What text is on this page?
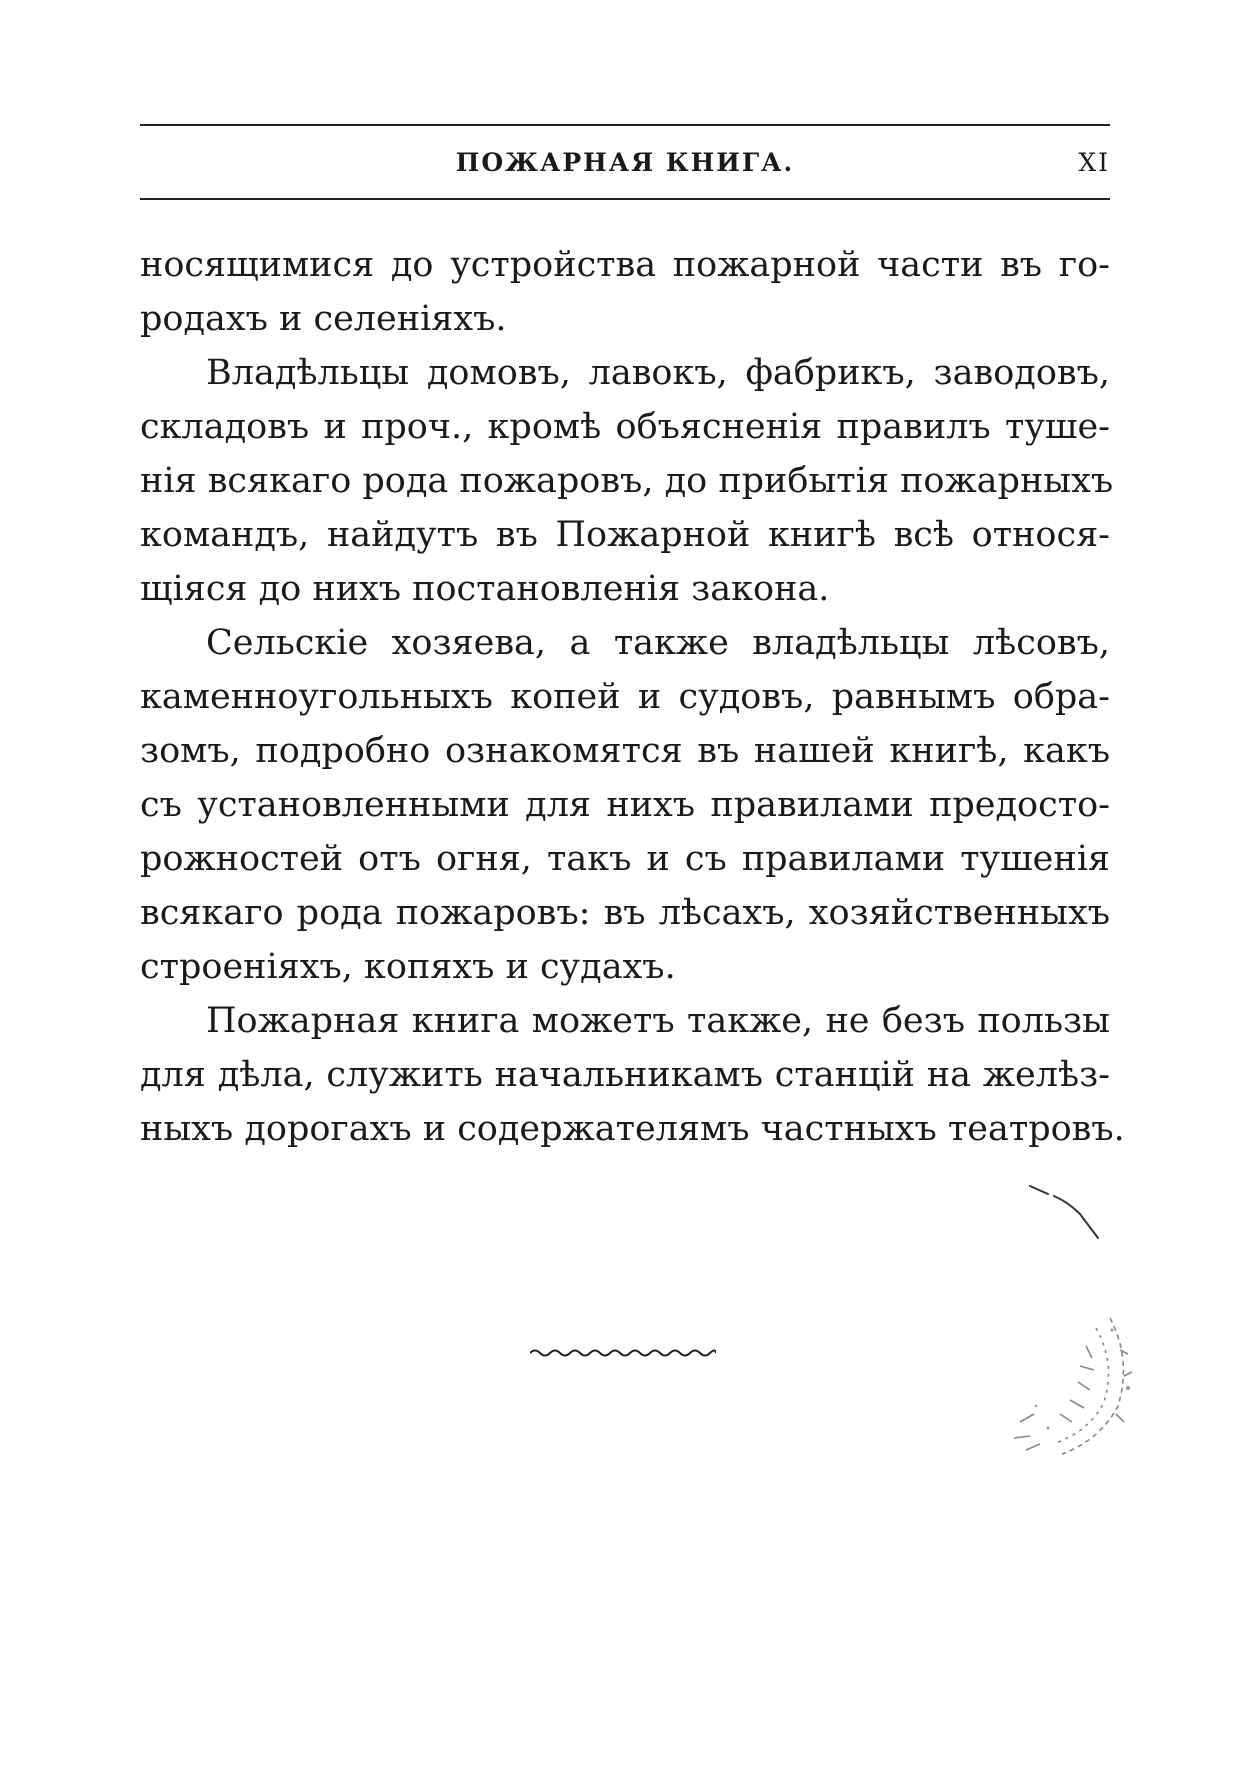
ПОЖАРНАЯ КНИГА.	XI
носящимися до устройства пожарной части въ го-
родахъ и селеніяхъ.
Владѣльцы домовъ, лавокъ, фабрикъ, заводовъ,
складовъ и проч., кромѣ объясненія правилъ туше-
нія всякаго рода пожаровъ, до прибытія пожарныхъ
командъ, найдутъ въ Пожарной книгѣ всѣ относя-
щіяся до нихъ постановленія закона.
Сельскіе хозяева, а также владѣльцы лѣсовъ,
каменноугольныхъ копей и судовъ, равнымъ обра-
зомъ, подробно ознакомятся въ нашей книгѣ, какъ
съ установленными для нихъ правилами предосто-
рожностей отъ огня, такъ и съ правилами тушенія
всякаго рода пожаровъ: въ лѣсахъ, хозяйственныхъ
строеніяхъ, копяхъ и судахъ.
Пожарная книга можетъ также, не безъ пользы
для дѣла, служить начальникамъ станцій на желѣз-
ныхъ дорогахъ и содержателямъ частныхъ театровъ.
